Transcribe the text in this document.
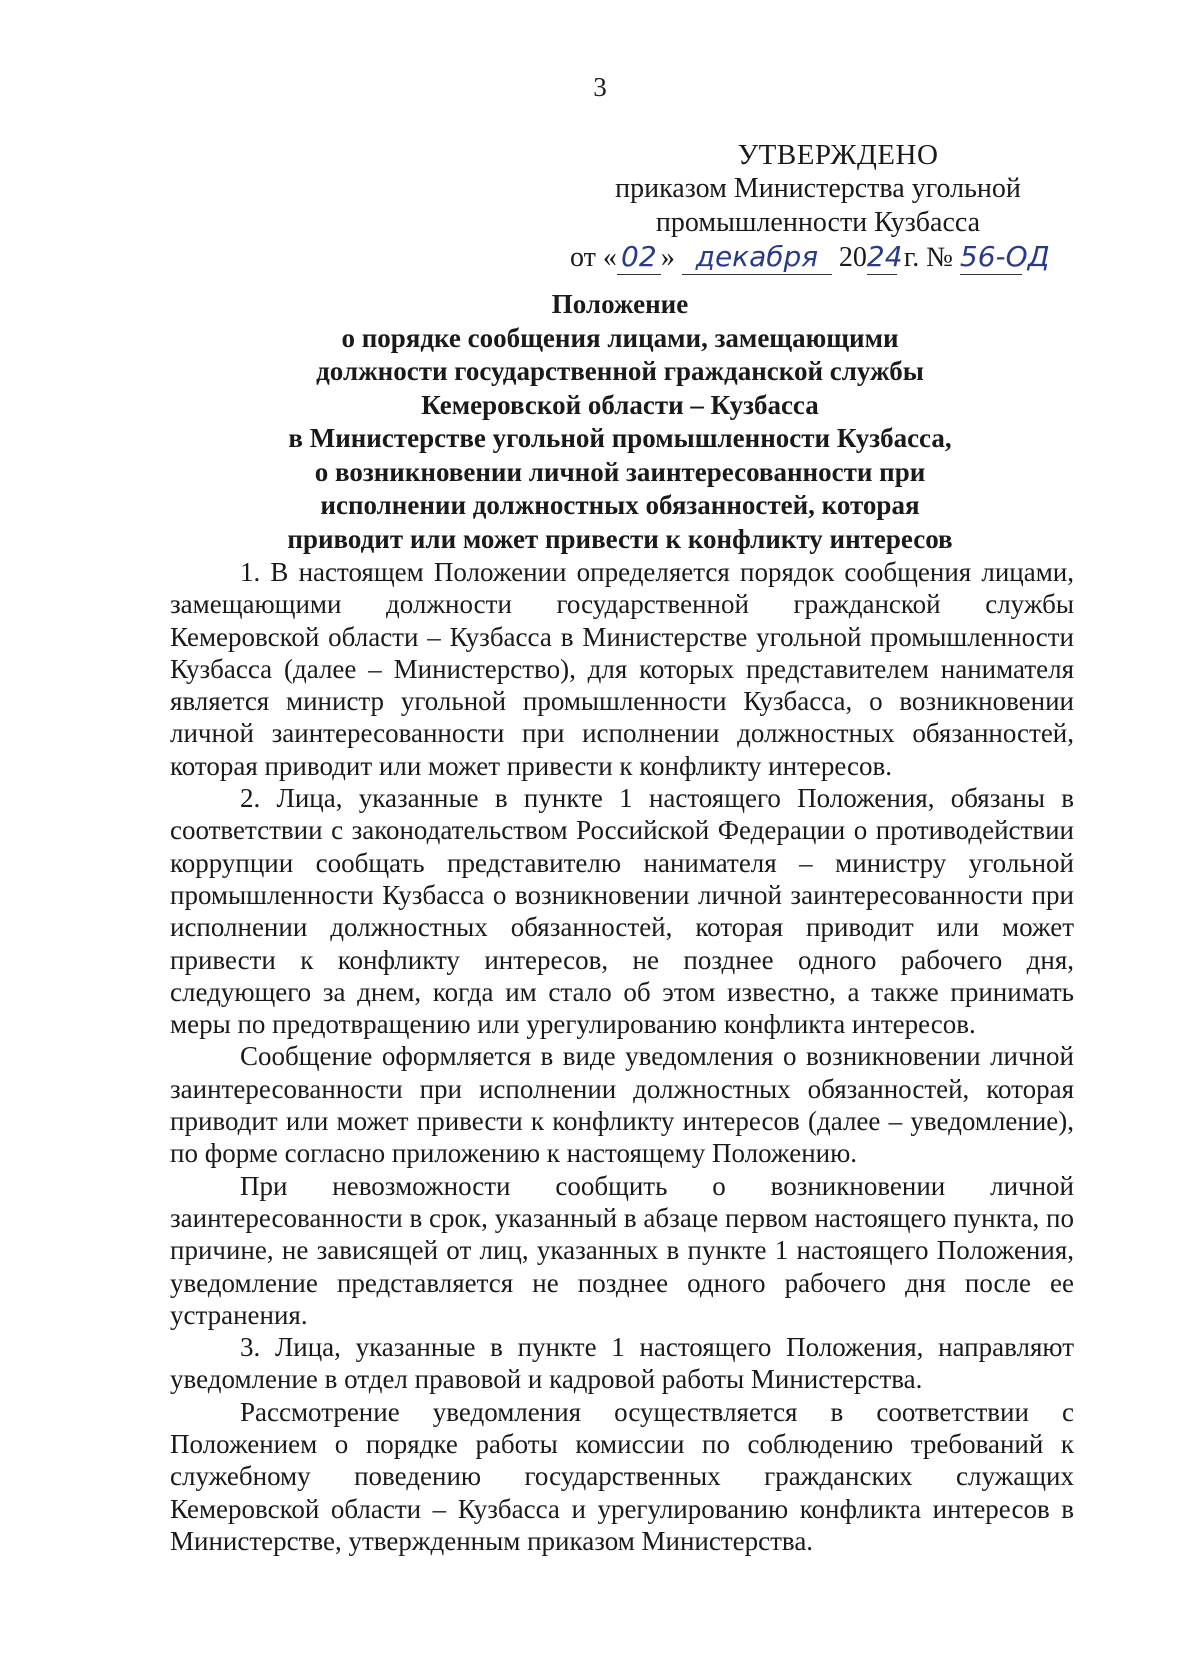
3
УТВЕРЖДЕНО
приказом Министерства угольной
промышленности Кузбасса
от « 02 » декабря 2024 г. № 56-ОД
Положение
о порядке сообщения лицами, замещающими
должности государственной гражданской службы
Кемеровской области – Кузбасса
в Министерстве угольной промышленности Кузбасса,
о возникновении личной заинтересованности при
исполнении должностных обязанностей, которая
приводит или может привести к конфликту интересов

1. В настоящем Положении определяется порядок сообщения лицами, замещающими должности государственной гражданской службы Кемеровской области – Кузбасса в Министерстве угольной промышленности Кузбасса (далее – Министерство), для которых представителем нанимателя является министр угольной промышленности Кузбасса, о возникновении личной заинтересованности при исполнении должностных обязанностей, которая приводит или может привести к конфликту интересов.

2. Лица, указанные в пункте 1 настоящего Положения, обязаны в соответствии с законодательством Российской Федерации о противодействии коррупции сообщать представителю нанимателя – министру угольной промышленности Кузбасса о возникновении личной заинтересованности при исполнении должностных обязанностей, которая приводит или может привести к конфликту интересов, не позднее одного рабочего дня, следующего за днем, когда им стало об этом известно, а также принимать меры по предотвращению или урегулированию конфликта интересов.

Сообщение оформляется в виде уведомления о возникновении личной заинтересованности при исполнении должностных обязанностей, которая приводит или может привести к конфликту интересов (далее – уведомление), по форме согласно приложению к настоящему Положению.

При невозможности сообщить о возникновении личной заинтересованности в срок, указанный в абзаце первом настоящего пункта, по причине, не зависящей от лиц, указанных в пункте 1 настоящего Положения, уведомление представляется не позднее одного рабочего дня после ее устранения.

3. Лица, указанные в пункте 1 настоящего Положения, направляют уведомление в отдел правовой и кадровой работы Министерства.

Рассмотрение уведомления осуществляется в соответствии с Положением о порядке работы комиссии по соблюдению требований к служебному поведению государственных гражданских служащих Кемеровской области – Кузбасса и урегулированию конфликта интересов в Министерстве, утвержденным приказом Министерства.
